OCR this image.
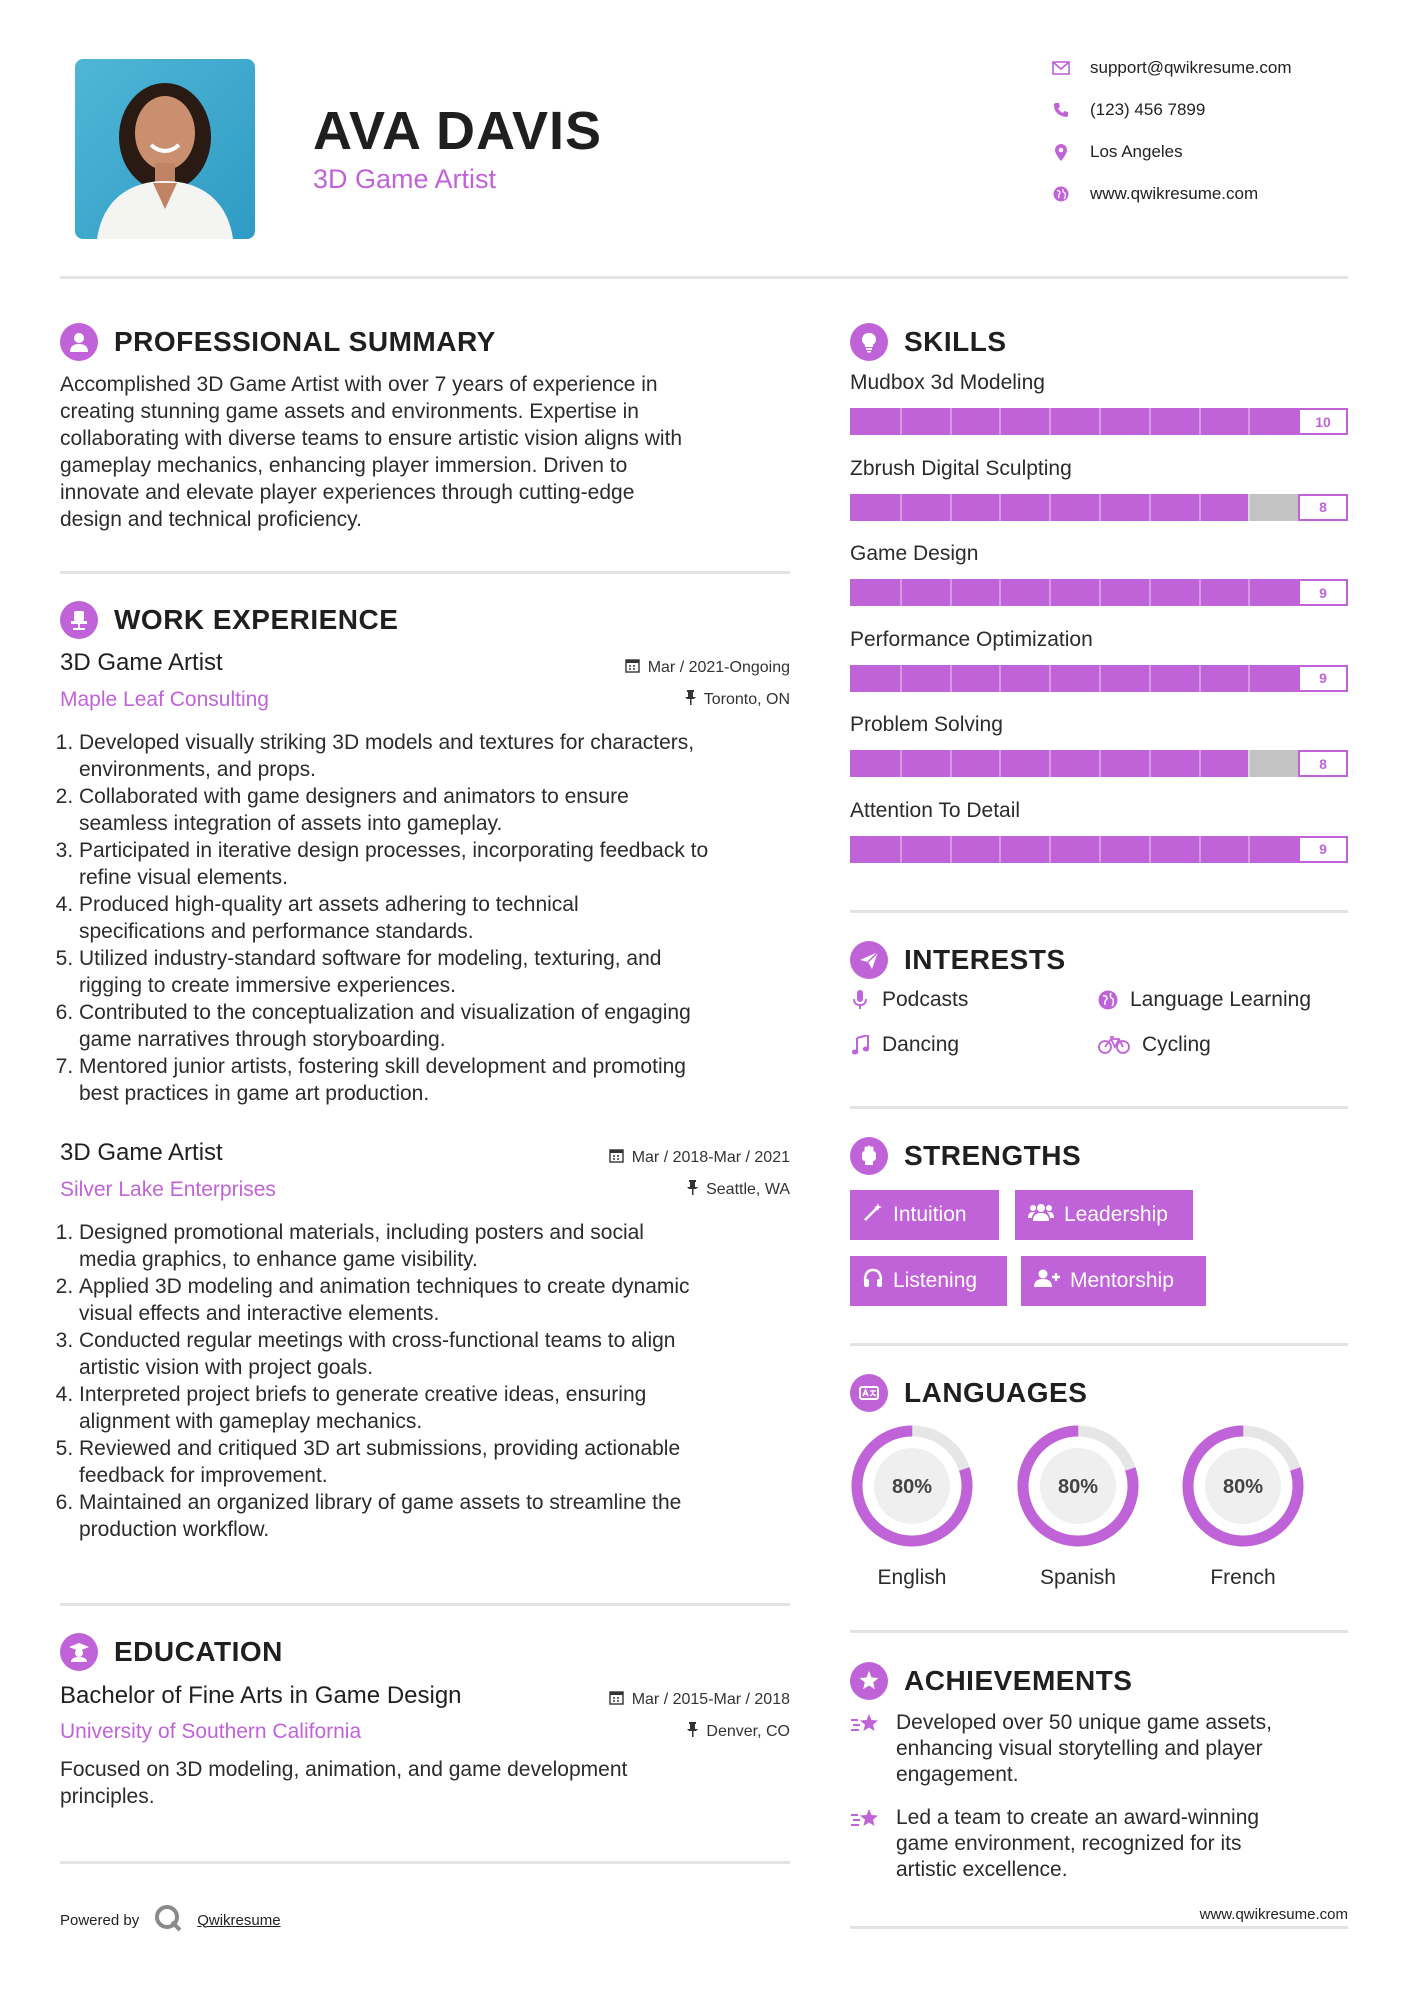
AVA DAVIS
3D Game Artist
support@qwikresume.com
(123) 456 7899
Los Angeles
www.qwikresume.com
PROFESSIONAL SUMMARY
Accomplished 3D Game Artist with over 7 years of experience in
creating stunning game assets and environments. Expertise in
collaborating with diverse teams to ensure artistic vision aligns with
gameplay mechanics, enhancing player immersion. Driven to
innovate and elevate player experiences through cutting-edge
design and technical proficiency.
WORK EXPERIENCE
3D Game Artist	Mar / 2021-Ongoing
Maple Leaf Consulting	Toronto, ON
1. Developed visually striking 3D models and textures for characters,
environments, and props.
2. Collaborated with game designers and animators to ensure
seamless integration of assets into gameplay.
3. Participated in iterative design processes, incorporating feedback to
refine visual elements.
4. Produced high-quality art assets adhering to technical
specifications and performance standards.
5. Utilized industry-standard software for modeling, texturing, and
rigging to create immersive experiences.
6. Contributed to the conceptualization and visualization of engaging
game narratives through storyboarding.
7. Mentored junior artists, fostering skill development and promoting
best practices in game art production.
3D Game Artist	Mar / 2018-Mar / 2021
Silver Lake Enterprises	Seattle, WA
1. Designed promotional materials, including posters and social
media graphics, to enhance game visibility.
2. Applied 3D modeling and animation techniques to create dynamic
visual effects and interactive elements.
3. Conducted regular meetings with cross-functional teams to align
artistic vision with project goals.
4. Interpreted project briefs to generate creative ideas, ensuring
alignment with gameplay mechanics.
5. Reviewed and critiqued 3D art submissions, providing actionable
feedback for improvement.
6. Maintained an organized library of game assets to streamline the
production workflow.
EDUCATION
Bachelor of Fine Arts in Game Design	Mar / 2015-Mar / 2018
University of Southern California	Denver, CO
Focused on 3D modeling, animation, and game development
principles.
Powered by	Qwikresume
SKILLS
Mudbox 3d Modeling
10
Zbrush Digital Sculpting
8
Game Design
9
Performance Optimization
9
Problem Solving
8
Attention To Detail
9
INTERESTS
Podcasts	Language Learning
Dancing	Cycling
STRENGTHS
Intuition	Leadership
Listening	Mentorship
LANGUAGES
80%
English
80%
Spanish
80%
French
ACHIEVEMENTS
Developed over 50 unique game assets,
enhancing visual storytelling and player
engagement.
Led a team to create an award-winning
game environment, recognized for its
artistic excellence.
www.qwikresume.com
